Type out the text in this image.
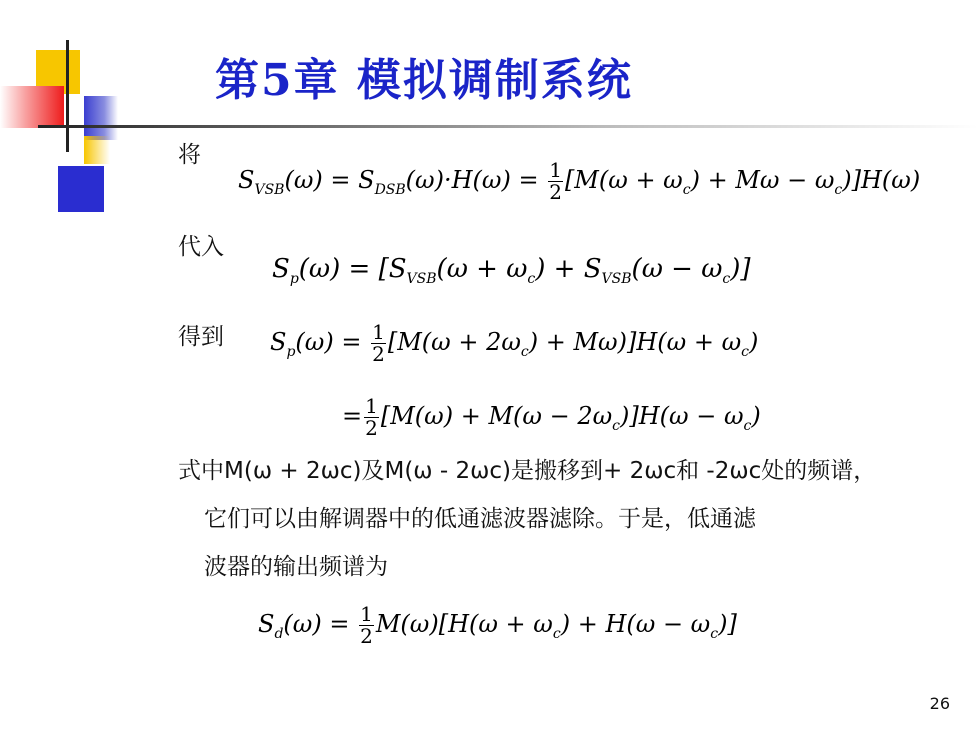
第5章 模拟调制系统
将
$S_{VSB}(\omega) = S_{DSB}(\omega)\cdot H(\omega) = \frac{1}{2} [M(\omega + \omega_c) + M\omega - \omega_c)]H(\omega)$
代入
$S_p(\omega) = [S_{VSB}(\omega + \omega_c) + S_{VSB}(\omega - \omega_c)]$
得到 $S_p(\omega) = \frac{1}{2} [M(\omega + 2\omega_c) + M\omega)]H(\omega + \omega_c)$
= $\frac{1}{2} [M(\omega) + M(\omega - 2\omega_c)]H(\omega - \omega_c)$
式中M(ω + 2ωc)及M(ω - 2ωc)是搬移到+ 2ωc和 -2ωc处的频谱，
它们可以由解调器中的低通滤波器滤除。于是，低通滤
波器的输出频谱为
$S_d(\omega) = \frac{1}{2} M(\omega)[H(\omega + \omega_c) + H(\omega - \omega_c)]$
26
